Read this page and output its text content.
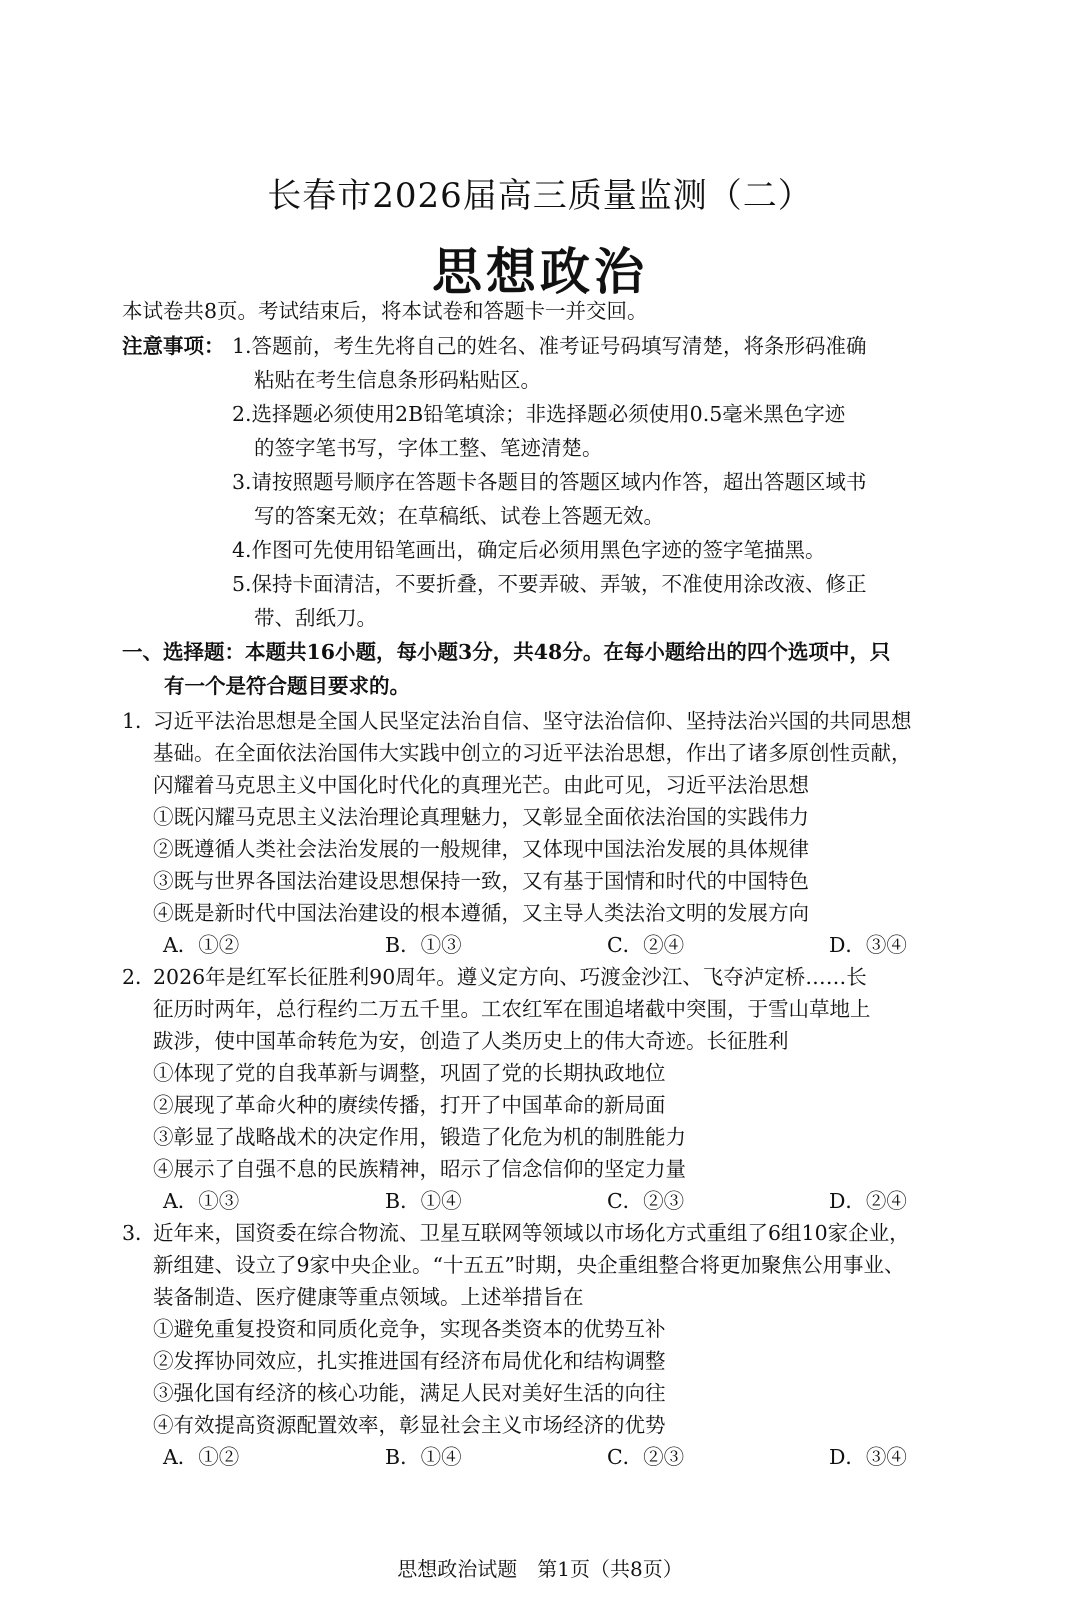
长春市2026届高三质量监测（二）
思想政治
本试卷共8页。考试结束后，将本试卷和答题卡一并交回。
注意事项： 1.答题前，考生先将自己的姓名、准考证号码填写清楚，将条形码准确
粘贴在考生信息条形码粘贴区。
2.选择题必须使用2B铅笔填涂；非选择题必须使用0.5毫米黑色字迹
的签字笔书写，字体工整、笔迹清楚。
3.请按照题号顺序在答题卡各题目的答题区域内作答，超出答题区域书
写的答案无效；在草稿纸、试卷上答题无效。
4.作图可先使用铅笔画出，确定后必须用黑色字迹的签字笔描黑。
5.保持卡面清洁，不要折叠，不要弄破、弄皱，不准使用涂改液、修正
带、刮纸刀。
一、选择题：本题共16小题，每小题3分，共48分。在每小题给出的四个选项中，只
有一个是符合题目要求的。
1．
习近平法治思想是全国人民坚定法治自信、坚守法治信仰、坚持法治兴国的共同思想
基础。在全面依法治国伟大实践中创立的习近平法治思想，作出了诸多原创性贡献，
闪耀着马克思主义中国化时代化的真理光芒。由此可见，习近平法治思想
①既闪耀马克思主义法治理论真理魅力，又彰显全面依法治国的实践伟力
②既遵循人类社会法治发展的一般规律，又体现中国法治发展的具体规律
③既与世界各国法治建设思想保持一致，又有基于国情和时代的中国特色
④既是新时代中国法治建设的根本遵循，又主导人类法治文明的发展方向
A．①②	B．①③	C．②④	D．③④
2．
2026年是红军长征胜利90周年。遵义定方向、巧渡金沙江、飞夺泸定桥……长
征历时两年，总行程约二万五千里。工农红军在围追堵截中突围，于雪山草地上
跋涉，使中国革命转危为安，创造了人类历史上的伟大奇迹。长征胜利
①体现了党的自我革新与调整，巩固了党的长期执政地位
②展现了革命火种的赓续传播，打开了中国革命的新局面
③彰显了战略战术的决定作用，锻造了化危为机的制胜能力
④展示了自强不息的民族精神，昭示了信念信仰的坚定力量
A．①③	B．①④	C．②③	D．②④
3．
近年来，国资委在综合物流、卫星互联网等领域以市场化方式重组了6组10家企业，
新组建、设立了9家中央企业。“十五五”时期，央企重组整合将更加聚焦公用事业、
装备制造、医疗健康等重点领域。上述举措旨在
①避免重复投资和同质化竞争，实现各类资本的优势互补
②发挥协同效应，扎实推进国有经济布局优化和结构调整
③强化国有经济的核心功能，满足人民对美好生活的向往
④有效提高资源配置效率，彰显社会主义市场经济的优势
A．①②	B．①④	C．②③	D．③④
思想政治试题　第1页（共8页）
